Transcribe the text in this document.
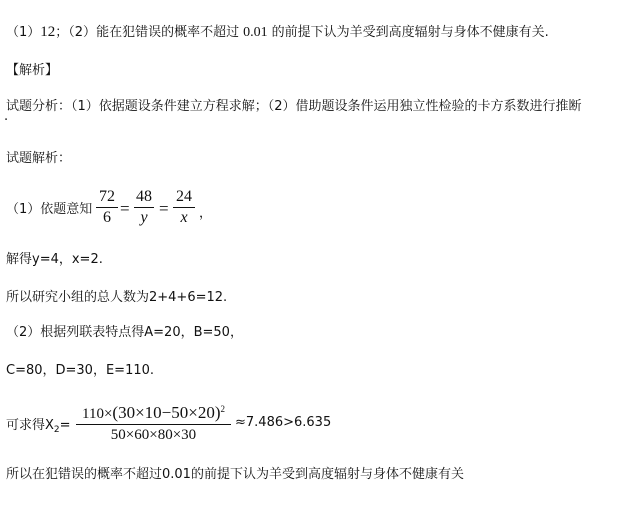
（1）12；（2）能在犯错误的概率不超过 0.01 的前提下认为羊受到高度辐射与身体不健康有关.
【解析】
试题分析：（1）依据题设条件建立方程求解；（2）借助题设条件运用独立性检验的卡方系数进行推断
.
试题解析：
（1）依题意知
72
6 =
48
y =
24
x ，
解得y=4，x=2.
所以研究小组的总人数为2+4+6=12.
（2）根据列联表特点得A=20，B=50，
C=80，D=30，E=110.
可求得$X_2=$
$110\times(30\times 10-50\times 20)^2$
50×60×80×30
≈7.486>6.635
所以在犯错误的概率不超过0.01的前提下认为羊受到高度辐射与身体不健康有关
